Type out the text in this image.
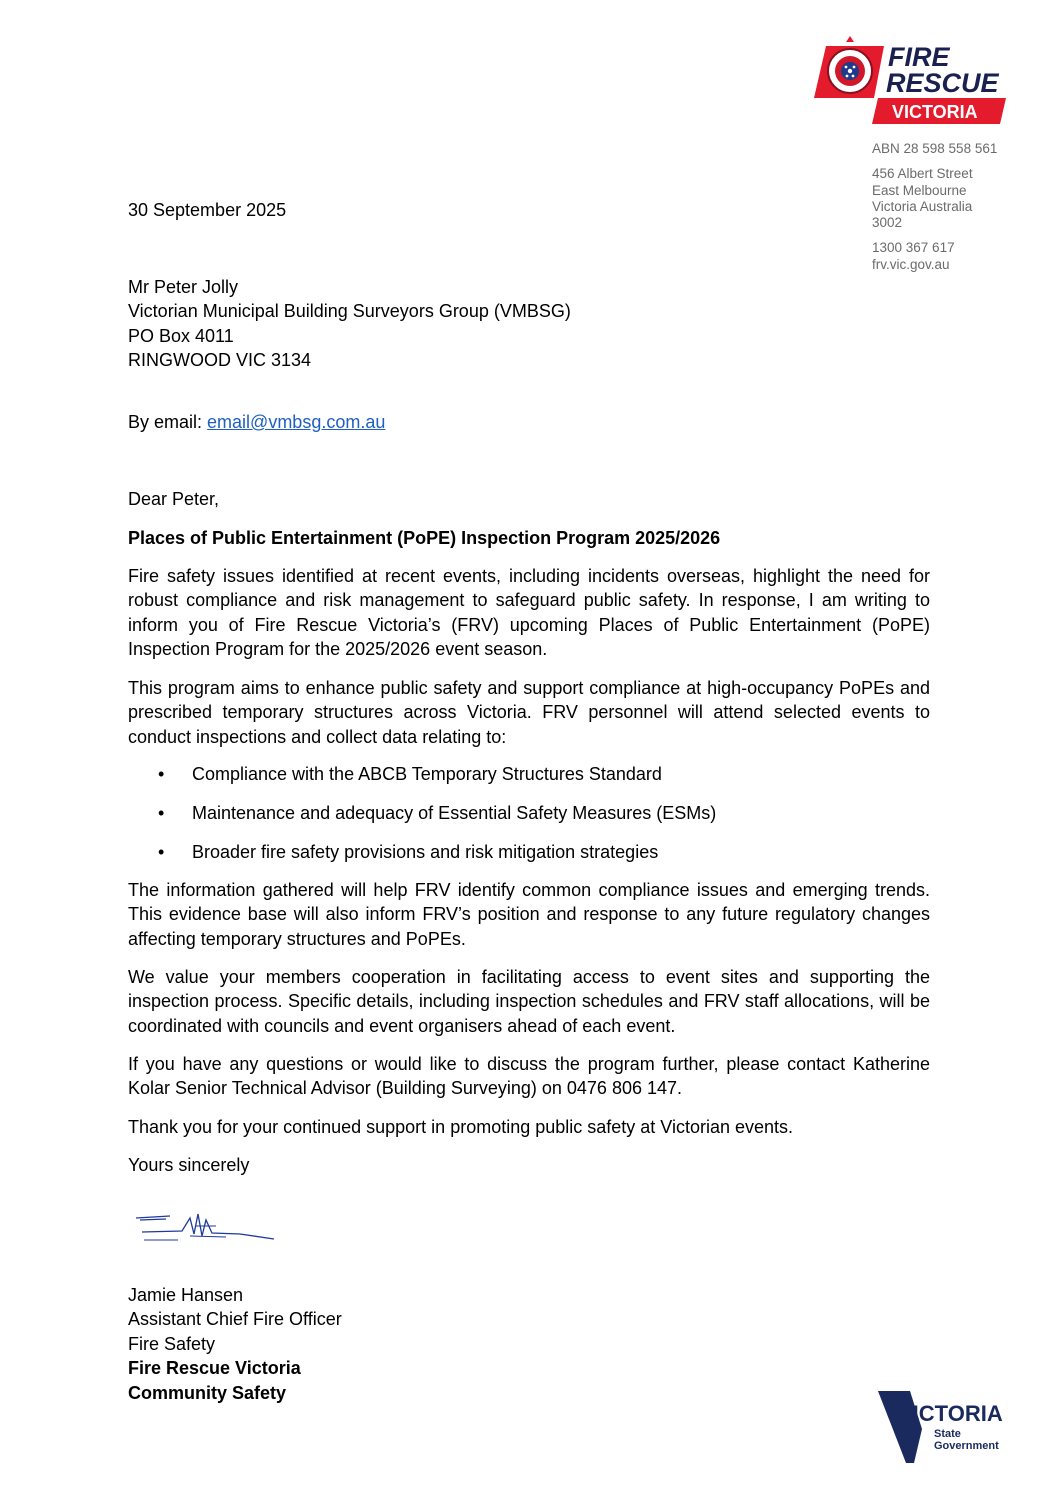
FIRE
RESCUE
VICTORIA
ABN 28 598 558 561
456 Albert Street
East Melbourne
Victoria Australia
3002
1300 367 617
frv.vic.gov.au
30 September 2025
Mr Peter Jolly
Victorian Municipal Building Surveyors Group (VMBSG)
PO Box 4011
RINGWOOD VIC 3134
By email: email@vmbsg.com.au
Dear Peter,
Places of Public Entertainment (PoPE) Inspection Program 2025/2026

Fire safety issues identified at recent events, including incidents overseas, highlight the need for robust compliance and risk management to safeguard public safety. In response, I am writing to inform you of Fire Rescue Victoria’s (FRV) upcoming Places of Public Entertainment (PoPE) Inspection Program for the 2025/2026 event season.

This program aims to enhance public safety and support compliance at high-occupancy PoPEs and prescribed temporary structures across Victoria. FRV personnel will attend selected events to conduct inspections and collect data relating to:

• Compliance with the ABCB Temporary Structures Standard
• Maintenance and adequacy of Essential Safety Measures (ESMs)
• Broader fire safety provisions and risk mitigation strategies

The information gathered will help FRV identify common compliance issues and emerging trends. This evidence base will also inform FRV’s position and response to any future regulatory changes affecting temporary structures and PoPEs.

We value your members cooperation in facilitating access to event sites and supporting the inspection process. Specific details, including inspection schedules and FRV staff allocations, will be coordinated with councils and event organisers ahead of each event.

If you have any questions or would like to discuss the program further, please contact Katherine Kolar Senior Technical Advisor (Building Surveying) on 0476 806 147.

Thank you for your continued support in promoting public safety at Victorian events.

Yours sincerely
Jamie Hansen
Assistant Chief Fire Officer
Fire Safety
Fire Rescue Victoria
Community Safety
VICTORIA
State
Government
